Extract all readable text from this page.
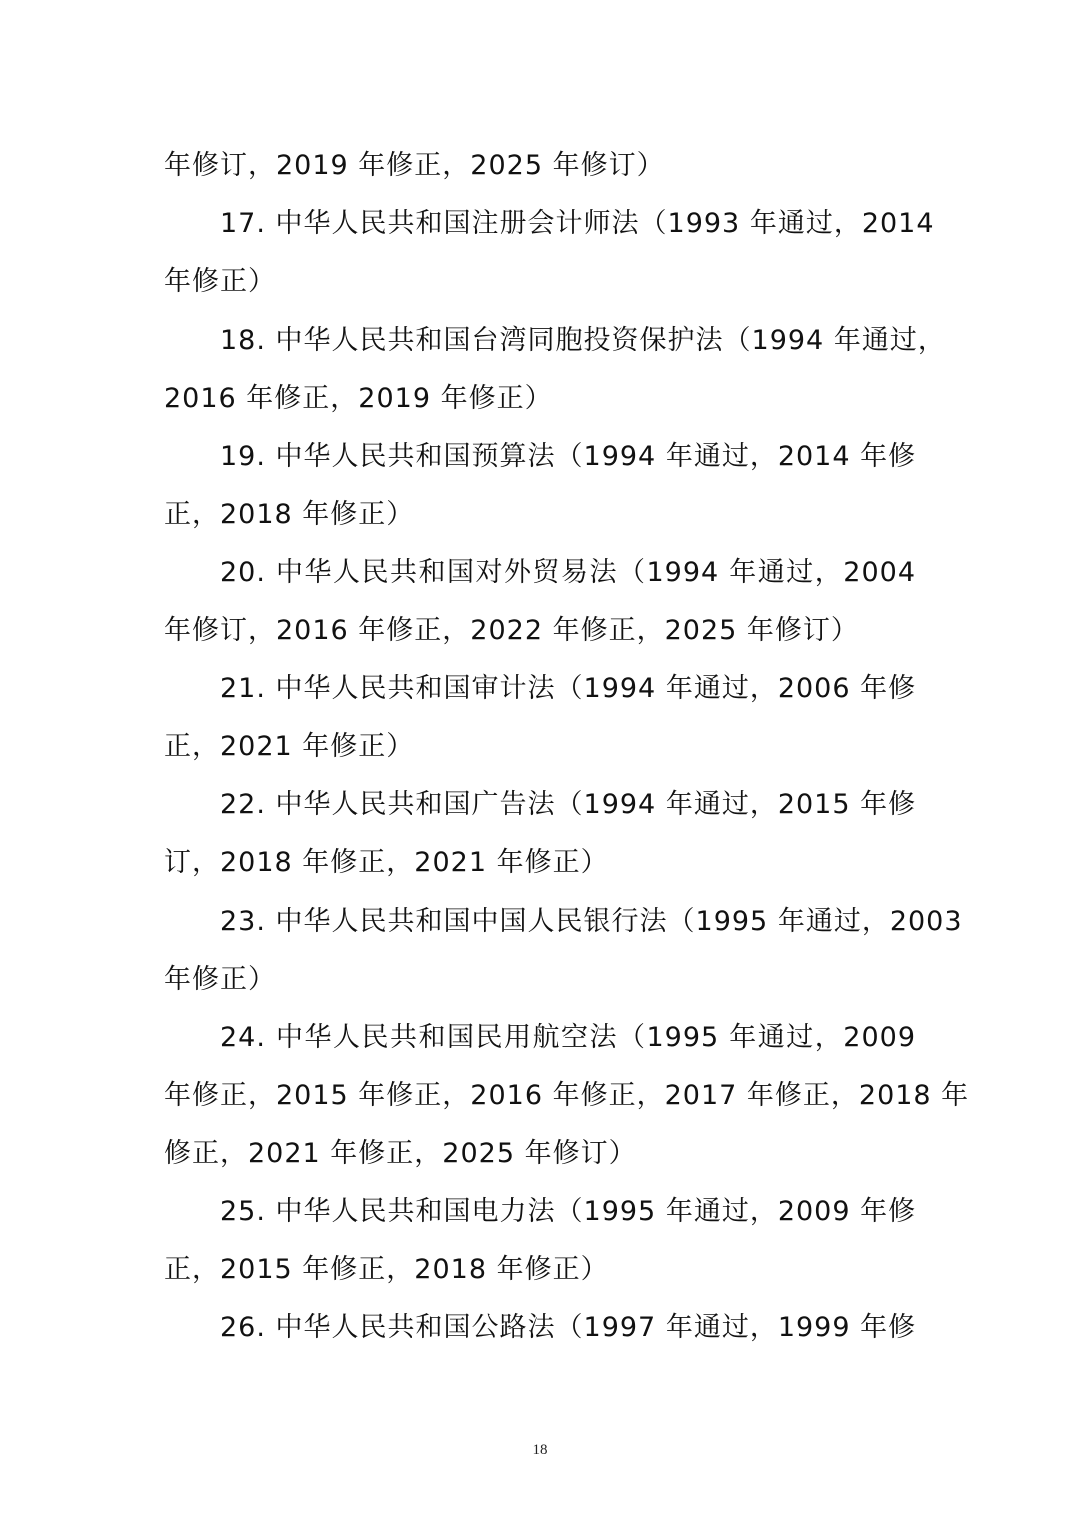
年修订，2019 年修正，2025 年修订）
17. 中华人民共和国注册会计师法（1993 年通过，2014
年修正）
18. 中华人民共和国台湾同胞投资保护法（1994 年通过，
2016 年修正，2019 年修正）
19. 中华人民共和国预算法（1994 年通过，2014 年修
正，2018 年修正）
20. 中华人民共和国对外贸易法（1994 年通过，2004
年修订，2016 年修正，2022 年修正，2025 年修订）
21. 中华人民共和国审计法（1994 年通过，2006 年修
正，2021 年修正）
22. 中华人民共和国广告法（1994 年通过，2015 年修
订，2018 年修正，2021 年修正）
23. 中华人民共和国中国人民银行法（1995 年通过，2003
年修正）
24. 中华人民共和国民用航空法（1995 年通过，2009
年修正，2015 年修正，2016 年修正，2017 年修正，2018 年
修正，2021 年修正，2025 年修订）
25. 中华人民共和国电力法（1995 年通过，2009 年修
正，2015 年修正，2018 年修正）
26. 中华人民共和国公路法（1997 年通过，1999 年修
18
